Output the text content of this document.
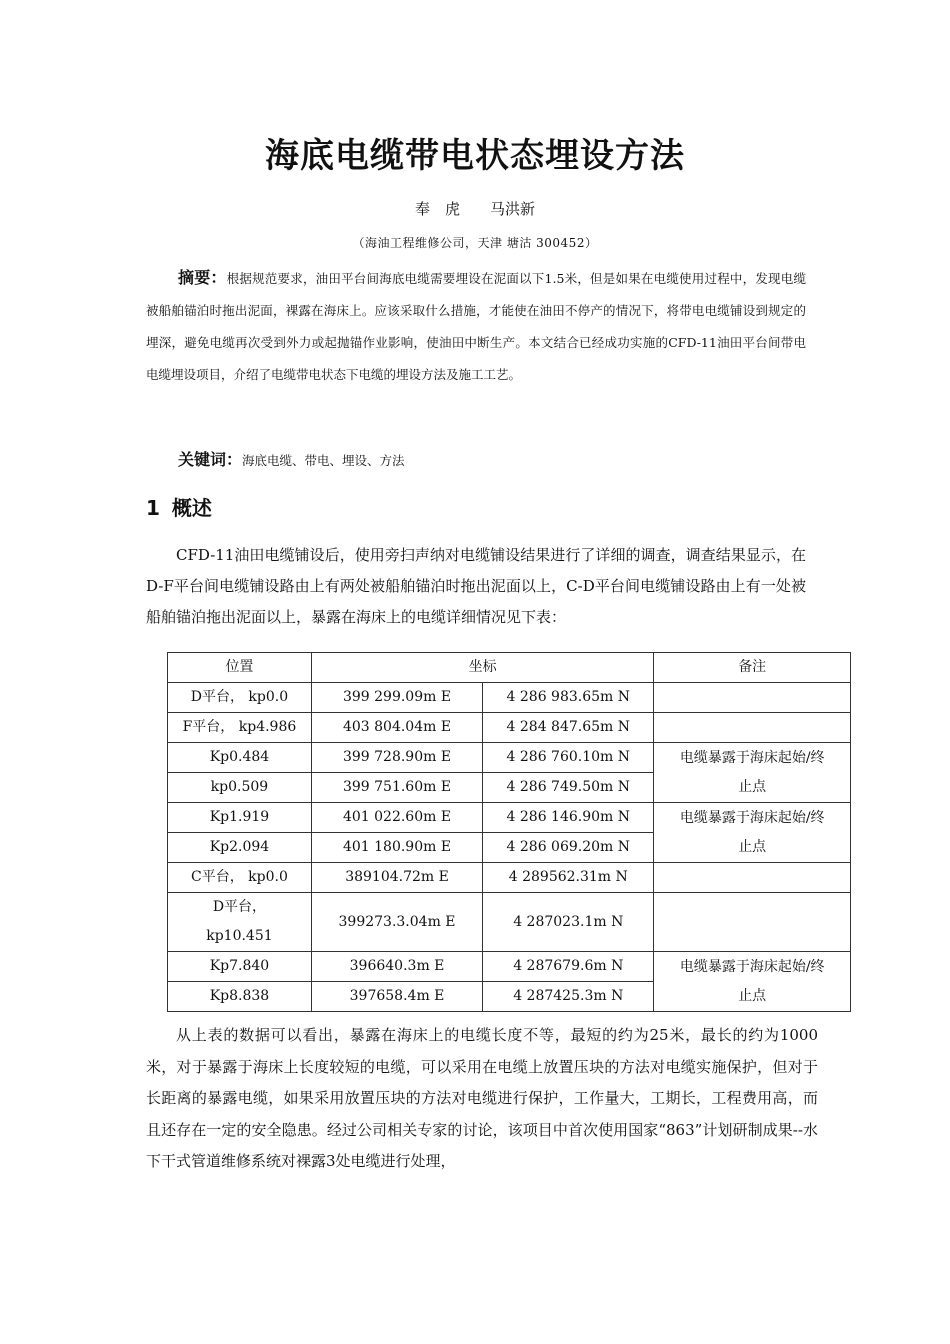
海底电缆带电状态埋设方法
奉　虎　　马洪新
（海油工程维修公司，天津 塘沽 300452）
摘要：根据规范要求，油田平台间海底电缆需要埋设在泥面以下1.5米，但是如果在电缆使用过程中，发现电缆被船舶锚泊时拖出泥面，裸露在海床上。应该采取什么措施，才能使在油田不停产的情况下，将带电电缆铺设到规定的埋深，避免电缆再次受到外力或起抛锚作业影响，使油田中断生产。本文结合已经成功实施的CFD-11油田平台间带电电缆埋设项目，介绍了电缆带电状态下电缆的埋设方法及施工工艺。
关键词：海底电缆、带电、埋设、方法
1 概述
CFD-11油田电缆铺设后，使用旁扫声纳对电缆铺设结果进行了详细的调查，调查结果显示，在D-F平台间电缆铺设路由上有两处被船舶锚泊时拖出泥面以上，C-D平台间电缆铺设路由上有一处被船舶锚泊拖出泥面以上，暴露在海床上的电缆详细情况见下表：
位置	坐标		备注
D平台， kp0.0	399 299.09m E	4 286 983.65m N	
F平台， kp4.986	403 804.04m E	4 284 847.65m N	
Kp0.484	399 728.90m E	4 286 760.10m N	电缆暴露于海床起始/终
止点
kp0.509	399 751.60m E	4 286 749.50m N	
Kp1.919	401 022.60m E	4 286 146.90m N	电缆暴露于海床起始/终
止点
Kp2.094	401 180.90m E	4 286 069.20m N	
C平台， kp0.0	389104.72m E	4 289562.31m N	
D平台，
kp10.451	399273.3.04m E	4 287023.1m N	
Kp7.840	396640.3m E	4 287679.6m N	电缆暴露于海床起始/终
止点
Kp8.838	397658.4m E	4 287425.3m N	
从上表的数据可以看出，暴露在海床上的电缆长度不等，最短的约为25米，最长的约为1000米，对于暴露于海床上长度较短的电缆，可以采用在电缆上放置压块的方法对电缆实施保护，但对于长距离的暴露电缆，如果采用放置压块的方法对电缆进行保护，工作量大，工期长，工程费用高，而且还存在一定的安全隐患。经过公司相关专家的讨论，该项目中首次使用国家“863”计划研制成果--水下干式管道维修系统对裸露3处电缆进行处理，
